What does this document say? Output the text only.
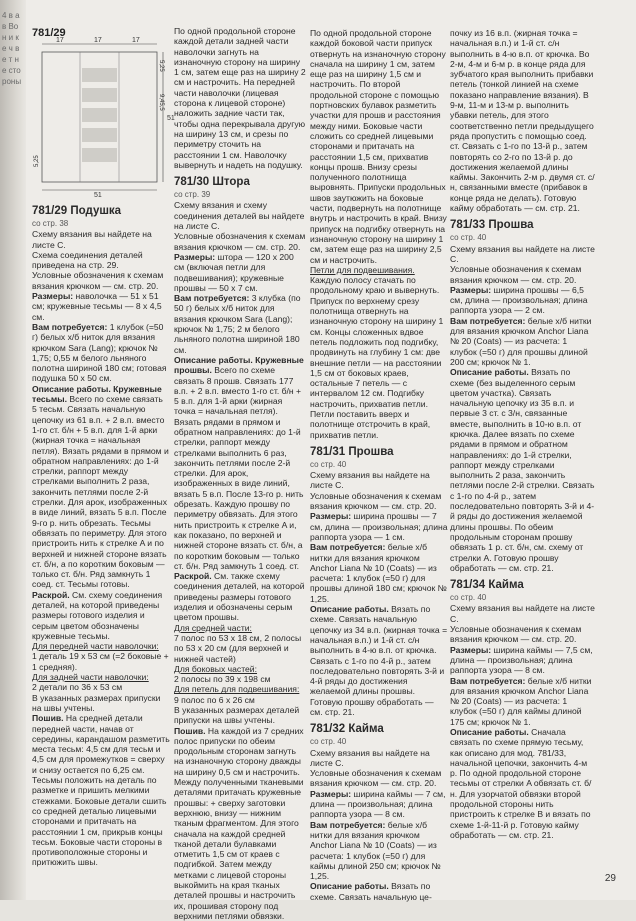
4 в а в Во н и ке ч ве т не стороны
781/29
17	17	17
5,25
9,45,5
51
5,25
51
781/29 Подушка
со стр. 38

Схему вязания вы найдете на листе С.

Схема соединения деталей приведена на стр. 29.

Условные обозначения к схемам вязания крючком — см. стр. 20.

Размеры: наволочка — 51 х 51 см; кружевные тесьмы — 8 х 4,5 см.

Вам потребуется: 1 клубок (=50 г) белых х/б ниток для вязания крючком Sara (Lang); крючок № 1,75; 0,55 м белого льняного полотна шириной 180 см; готовая подушка 50 х 50 см.

Описание работы. Кружевные тесьмы. Всего по схеме связать 5 тесьм. Связать начальную цепочку из 61 в.п. + 2 в.п. вместо 1-го ст. б/н + 5 в.п. для 1-й арки (жирная точка = начальная петля). Вязать рядами в прямом и обратном направлениях: до 1-й стрелки, раппорт между стрелками выполнить 2 раза, закончить петлями после 2-й стрелки. Для арок, изображенных в виде линий, вязать 5 в.п. После 9-го р. нить обрезать. Тесьмы обвязать по периметру. Для этого пристроить нить к стрелке A и по верхней и нижней стороне вязать ст. б/н, а по коротким боковым — только ст. б/н. Ряд замкнуть 1 соед. ст. Тесьмы готовы.

Раскрой. См. схему соединения деталей, на которой приведены размеры готового изделия и серым цветом обозначены кружевные тесьмы.

Для передней части наволочки:

1 деталь 19 х 53 см (=2 боковые + 1 средняя).

Для задней части наволочки:

2 детали по 36 х 53 см

В указанных размерах припуски на швы учтены.

Пошив. На средней детали передней части, начав от середины, карандашом разметить места тесьм: 4,5 см для тесьм и 4,5 см для промежутков = сверху и снизу остается по 6,25 см. Тесьмы положить на деталь по разметке и пришить мелкими стежками. Боковые детали сшить со средней деталью лицевыми сторонами и притачать на расстоянии 1 см, прикрыв концы тесьм. Боковые части стороны в противоположные стороны и притюжить швы.

По одной продольной стороне каждой детали задней части наволочки загнуть на изнаночную сторону на ширину 1 см, затем еще раз на ширину 2 см и настрочить. На передней части наволочки (лицевая сторона к лицевой стороне) наложить задние части так, чтобы одна перекрывала другую на ширину 13 см, и срезы по периметру сточить на расстоянии 1 см. Наволочку вывернуть и надеть на подушку.

781/30 Штора
со стр. 39

Схему вязания и схему соединения деталей вы найдете на листе С.

Условные обозначения к схемам вязания крючком — см. стр. 20.

Размеры: штора — 120 х 200 см (включая петли для подвешивания); кружевные прошвы — 50 х 7 см.

Вам потребуется: 3 клубка (по 50 г) белых х/б ниток для вязания крючком Sara (Lang); крючок № 1,75; 2 м белого льняного полотна шириной 180 см.

Описание работы. Кружевные прошвы. Всего по схеме связать 8 прошв. Связать 177 в.п. + 2 в.п. вместо 1-го ст. б/н + 5 в.п. для 1-й арки (жирная точка = начальная петля). Вязать рядами в прямом и обратном направлениях: до 1-й стрелки, раппорт между стрелками выполнить 6 раз, закончить петлями после 2-й стрелки. Для арок, изображенных в виде линий, вязать 5 в.п. После 13-го р. нить обрезать. Каждую прошву по периметру обвязать. Для этого нить пристроить к стрелке A и, как показано, по верхней и нижней стороне вязать ст. б/н, а по коротким боковым — только ст. б/н. Ряд замкнуть 1 соед. ст.

Раскрой. См. также схему соединения деталей, на которой приведены размеры готового изделия и обозначены серым цветом прошвы.

Для средней части:

7 полос по 53 х 18 см, 2 полосы по 53 х 20 см (для верхней и нижней частей)

Для боковых частей:

2 полосы по 39 х 198 см

Для петель для подвешивания:

9 полос по 6 х 26 см

В указанных размерах деталей припуски на швы учтены.

Пошив. На каждой из 7 средних полос припуски по обеим продольным сторонам загнуть на изнаночную сторону дважды на ширину 0,5 см и настрочить. Между полученными тканевыми деталями притачать кружевные прошвы: + сверху заготовки верхнюю, внизу — нижним тканым фрагментом. Для этого сначала на каждой средней тканой детали булавками отметить 1,5 см от краев с подгибкой. Затем между метками с лицевой стороны выкоймить на края тканых деталей прошвы и настрочить их, прошивая сторону под верхними петлями обвязки.

По одной продольной стороне каждой боковой части припуск отвернуть на изнаночную сторону сначала на ширину 1 см, затем еще раз на ширину 1,5 см и настрочить. По второй продольной стороне с помощью портновских булавок разметить участки для прошв и расстояния между ними. Боковые части сложить со средней лицевыми сторонами и притачать на расстоянии 1,5 см, прихватив концы прошв. Внизу срезы полученного полотнища выровнять. Припуски продольных швов заутюжить на боковые части, подвернуть на полотнище внутрь и настрочить в край. Внизу припуск на подгибку отвернуть на изнаночную сторону на ширину 1 см, затем еще раз на ширину 2,5 см и настрочить.

Петли для подвешивания. Каждую полосу стачать по продольному краю и вывернуть. Припуск по верхнему срезу полотнища отвернуть на изнаночную сторону на ширину 1 см. Концы сложенных вдвое петель подложить под подгибку, продвинуть на глубину 1 см: две внешние петли — на расстоянии 1,5 см от боковых краев, остальные 7 петель — с интервалом 12 см. Подгибку настрочить, прихватив петли. Петли поставить вверх и полотнище отстрочить в край, прихватив петли.

781/31 Прошва
со стр. 40

Схему вязания вы найдете на листе С.

Условные обозначения к схемам вязания крючком — см. стр. 20.

Размеры: ширина прошвы — 7 см, длина — произвольная; длина раппорта узора — 1 см.

Вам потребуется: белые х/б нитки для вязания крючком Anchor Liana № 10 (Coats) — из расчета: 1 клубок (=50 г) для прошвы длиной 180 см; крючок № 1,25.

Описание работы. Вязать по схеме. Связать начальную цепочку из 34 в.п. (жирная точка = начальная в.п.) и 1-й ст. с/н выполнить в 4-ю в.п. от крючка. Связать с 1-го по 4-й р., затем последовательно повторять 3-й и 4-й ряды до достижения желаемой длины прошвы. Готовую прошву обработать — см. стр. 21.

781/32 Кайма
со стр. 40

Схему вязания вы найдете на листе С.

Условные обозначения к схемам вязания крючком — см. стр. 20.

Размеры: ширина каймы — 7 см, длина — произвольная; длина раппорта узора — 8 см.

Вам потребуется: белые х/б нитки для вязания крючком Anchor Liana № 10 (Coats) — из расчета: 1 клубок (=50 г) для каймы длиной 250 см; крючок № 1,25.

Описание работы. Вязать по схеме. Связать начальную це-

почку из 16 в.п. (жирная точка = начальная в.п.) и 1-й ст. с/н выполнить в 4-ю в.п. от крючка. Во 2-м, 4-м и 6-м р. в конце ряда для зубчатого края выполнить прибавки петель (тонкой линией на схеме показано направление вязания). В 9-м, 11-м и 13-м р. выполнить убавки петель, для этого соответственно петли предыдущего ряда пропустить с помощью соед. ст. Связать с 1-го по 13-й р., затем повторять со 2-го по 13-й р. до достижения желаемой длины каймы. Закончить 2-м р. двумя ст. с/н, связанными вместе (прибавок в конце ряда не делать). Готовую кайму обработать — см. стр. 21.

781/33 Прошва
со стр. 40

Схему вязания вы найдете на листе С.

Условные обозначения к схемам вязания крючком — см. стр. 20.

Размеры: ширина прошвы — 6,5 см, длина — произвольная; длина раппорта узора — 2 см.

Вам потребуется: белые х/б нитки для вязания крючком Anchor Liana № 20 (Coats) — из расчета: 1 клубок (=50 г) для прошвы длиной 200 см; крючок № 1.

Описание работы. Вязать по схеме (без выделенного серым цветом участка). Связать начальную цепочку из 35 в.п. и первые 3 ст. с 3/н, связанные вместе, выполнить в 10-ю в.п. от крючка. Далее вязать по схеме рядами в прямом и обратном направлениях: до 1-й стрелки, раппорт между стрелками выполнить 2 раза, закончить петлями после 2-й стрелки. Связать с 1-го по 4-й р., затем последовательно повторять 3-й и 4-й ряды до достижения желаемой длины прошвы. По обеим продольным сторонам прошву обвязать 1 р. ст. б/н, см. схему от стрелки A. Готовую прошву обработать — см. стр. 21.

781/34 Кайма
со стр. 40

Схему вязания вы найдете на листе С.

Условные обозначения к схемам вязания крючком — см. стр. 20.

Размеры: ширина каймы — 7,5 см, длина — произвольная; длина раппорта узора — 8 см.

Вам потребуется: белые х/б нитки для вязания крючком Anchor Liana № 20 (Coats) — из расчета: 1 клубок (=50 г) для каймы длиной 175 см; крючок № 1.

Описание работы. Сначала связать по схеме прямую тесьму, как описано для мод. 781/33, начальной цепочки, закончить 4-м р. По одной продольной стороне тесьмы от стрелки A обвязать ст. б/н. Для узорчатой обвязки второй продольной стороны нить пристроить к стрелке B и вязать по схеме 1-й-11-й р. Готовую кайму обработать — см. стр. 21.

29
